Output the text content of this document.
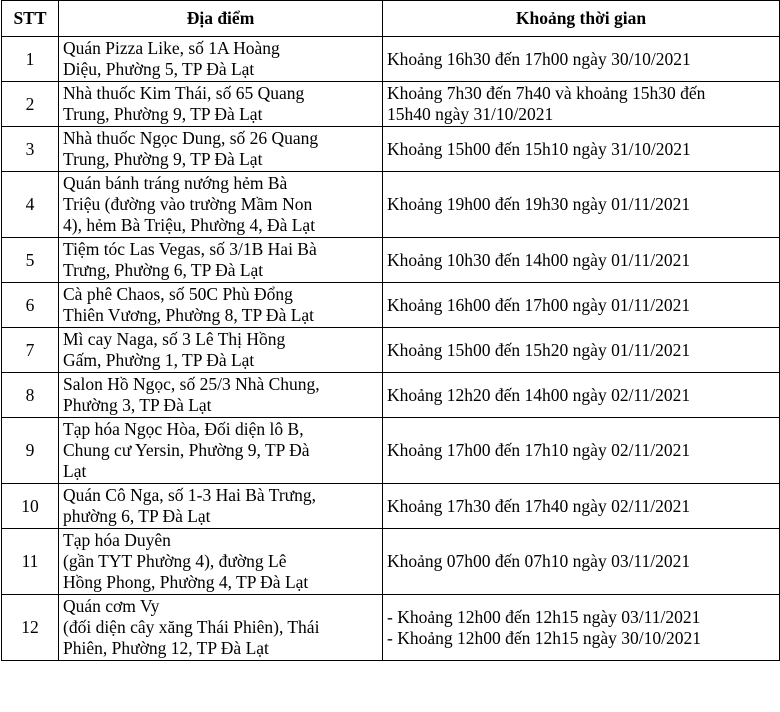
STT	Địa điểm	Khoảng thời gian
1	Quán Pizza Like, số 1A Hoàng
Diệu, Phường 5, TP Đà Lạt	Khoảng 16h30 đến 17h00 ngày 30/10/2021
2	Nhà thuốc Kim Thái, số 65 Quang
Trung, Phường 9, TP Đà Lạt	Khoảng 7h30 đến 7h40 và khoảng 15h30 đến
15h40 ngày 31/10/2021
3	Nhà thuốc Ngọc Dung, số 26 Quang
Trung, Phường 9, TP Đà Lạt	Khoảng 15h00 đến 15h10 ngày 31/10/2021
4	Quán bánh tráng nướng hẻm Bà
Triệu (đường vào trường Mầm Non
4), hẻm Bà Triệu, Phường 4, Đà Lạt	Khoảng 19h00 đến 19h30 ngày 01/11/2021
5	Tiệm tóc Las Vegas, số 3/1B Hai Bà
Trưng, Phường 6, TP Đà Lạt	Khoảng 10h30 đến 14h00 ngày 01/11/2021
6	Cà phê Chaos, số 50C Phù Đổng
Thiên Vương, Phường 8, TP Đà Lạt	Khoảng 16h00 đến 17h00 ngày 01/11/2021
7	Mì cay Naga, số 3 Lê Thị Hồng
Gấm, Phường 1, TP Đà Lạt	Khoảng 15h00 đến 15h20 ngày 01/11/2021
8	Salon Hồ Ngọc, số 25/3 Nhà Chung,
Phường 3, TP Đà Lạt	Khoảng 12h20 đến 14h00 ngày 02/11/2021
9	Tạp hóa Ngọc Hòa, Đối diện lô B,
Chung cư Yersin, Phường 9, TP Đà
Lạt	Khoảng 17h00 đến 17h10 ngày 02/11/2021
10	Quán Cô Nga, số 1-3 Hai Bà Trưng,
phường 6, TP Đà Lạt	Khoảng 17h30 đến 17h40 ngày 02/11/2021
11	Tạp hóa Duyên
(gần TYT Phường 4), đường Lê
Hồng Phong, Phường 4, TP Đà Lạt	Khoảng 07h00 đến 07h10 ngày 03/11/2021
12	Quán cơm Vy
(đối diện cây xăng Thái Phiên), Thái
Phiên, Phường 12, TP Đà Lạt	- Khoảng 12h00 đến 12h15 ngày 03/11/2021
- Khoảng 12h00 đến 12h15 ngày 30/10/2021
